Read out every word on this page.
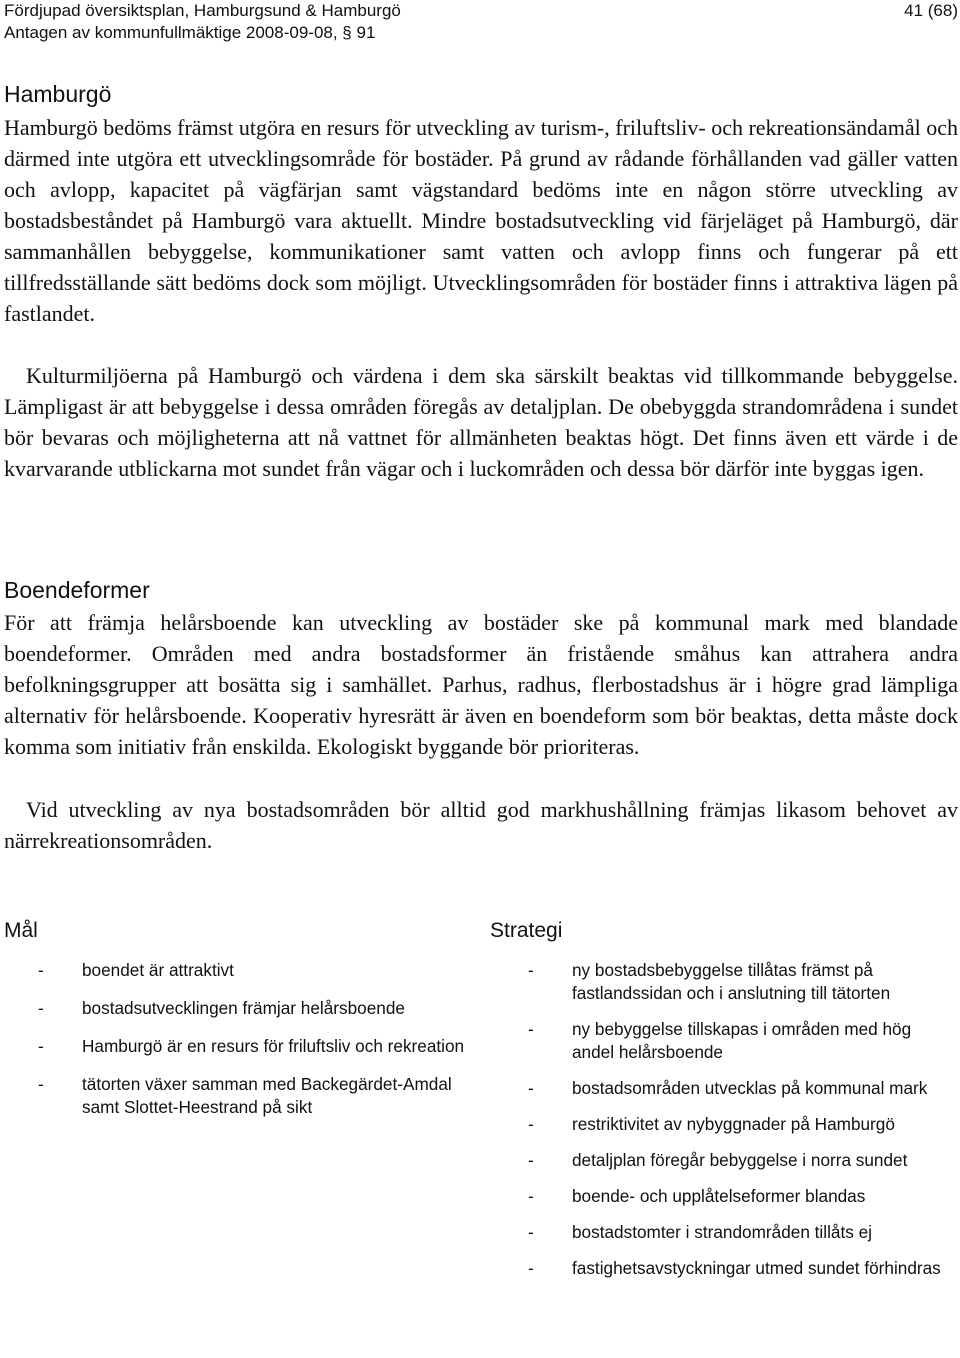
Fördjupad översiktsplan, Hamburgsund & Hamburgö
Antagen av kommunfullmäktige 2008-09-08, § 91
41 (68)
Hamburgö

Hamburgö bedöms främst utgöra en resurs för utveckling av turism-, friluftsliv- och rekreationsändamål och därmed inte utgöra ett utvecklingsområde för bostäder. På grund av rådande förhållanden vad gäller vatten och avlopp, kapacitet på vägfärjan samt vägstandard bedöms inte en någon större utveckling av bostadsbeståndet på Hamburgö vara aktuellt. Mindre bostadsutveckling vid färjeläget på Hamburgö, där sammanhållen bebyggelse, kommunikationer samt vatten och avlopp finns och fungerar på ett tillfredsställande sätt bedöms dock som möjligt. Utvecklingsområden för bostäder finns i attraktiva lägen på fastlandet.

Kulturmiljöerna på Hamburgö och värdena i dem ska särskilt beaktas vid tillkommande bebyggelse. Lämpligast är att bebyggelse i dessa områden föregås av detaljplan. De obebyggda strandområdena i sundet bör bevaras och möjligheterna att nå vattnet för allmänheten beaktas högt. Det finns även ett värde i de kvarvarande utblickarna mot sundet från vägar och i luckområden och dessa bör därför inte byggas igen.

Boendeformer

För att främja helårsboende kan utveckling av bostäder ske på kommunal mark med blandade boendeformer. Områden med andra bostadsformer än fristående småhus kan attrahera andra befolkningsgrupper att bosätta sig i samhället. Parhus, radhus, flerbostadshus är i högre grad lämpliga alternativ för helårsboende. Kooperativ hyresrätt är även en boendeform som bör beaktas, detta måste dock komma som initiativ från enskilda. Ekologiskt byggande bör prioriteras.

Vid utveckling av nya bostadsområden bör alltid god markhushållning främjas likasom behovet av närrekreationsområden.

Mål
- boendet är attraktivt
- bostadsutvecklingen främjar helårsboende
- Hamburgö är en resurs för friluftsliv och rekreation
- tätorten växer samman med Backegärdet-Amdal samt Slottet-Heestrand på sikt
Strategi
- ny bostadsbebyggelse tillåtas främst på fastlandssidan och i anslutning till tätorten
- ny bebyggelse tillskapas i områden med hög andel helårsboende
- bostadsområden utvecklas på kommunal mark
- restriktivitet av nybyggnader på Hamburgö
- detaljplan föregår bebyggelse i norra sundet
- boende- och upplåtelseformer blandas
- bostadstomter i strandområden tillåts ej
- fastighetsavstyckningar utmed sundet förhindras
